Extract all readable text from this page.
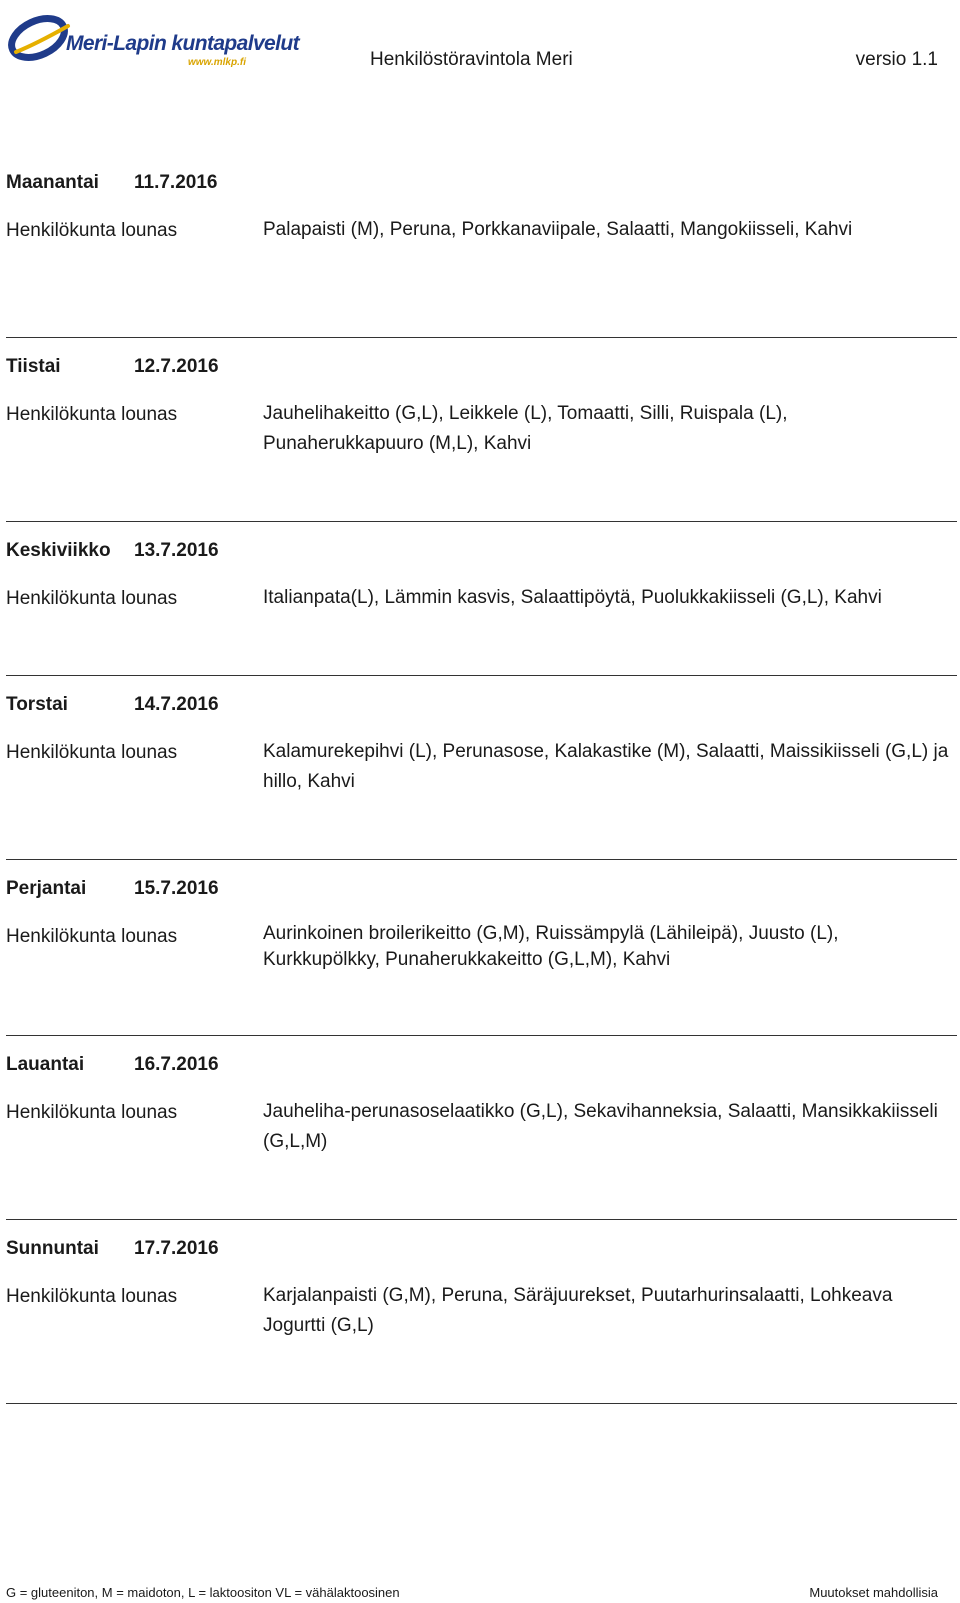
Meri-Lapin kuntapalvelut
www.mlkp.fi	Henkilöstöravintola Meri	versio 1.1
Maanantai 11.7.2016
Henkilökunta lounas	Palapaisti (M), Peruna, Porkkanaviipale, Salaatti, Mangokiisseli, Kahvi
Tiistai	12.7.2016
Henkilökunta lounas	Jauhelihakeitto (G,L), Leikkele (L), Tomaatti, Silli, Ruispala (L), Punaherukkapuuro (M,L), Kahvi
Keskiviikko 13.7.2016
Henkilökunta lounas	Italianpata(L), Lämmin kasvis, Salaattipöytä, Puolukkakiisseli (G,L), Kahvi
Torstai	14.7.2016
Henkilökunta lounas	Kalamurekepihvi (L), Perunasose, Kalakastike (M), Salaatti, Maissikiisseli (G,L) ja hillo, Kahvi
Perjantai	15.7.2016
Henkilökunta lounas	Aurinkoinen broilerikeitto (G,M), Ruissämpylä (Lähileipä), Juusto (L), Kurkkupölkky, Punaherukkakeitto (G,L,M), Kahvi
Lauantai	16.7.2016
Henkilökunta lounas	Jauheliha-perunasoselaatikko (G,L), Sekavihanneksia, Salaatti, Mansikkakiisseli (G,L,M)
Sunnuntai 17.7.2016
Henkilökunta lounas	Karjalanpaisti (G,M), Peruna, Säräjuurekset, Puutarhurinsalaatti, Lohkeava Jogurtti (G,L)
G = gluteeniton, M = maidoton, L = laktoositon VL = vähälaktoosinen	Muutokset mahdollisia
